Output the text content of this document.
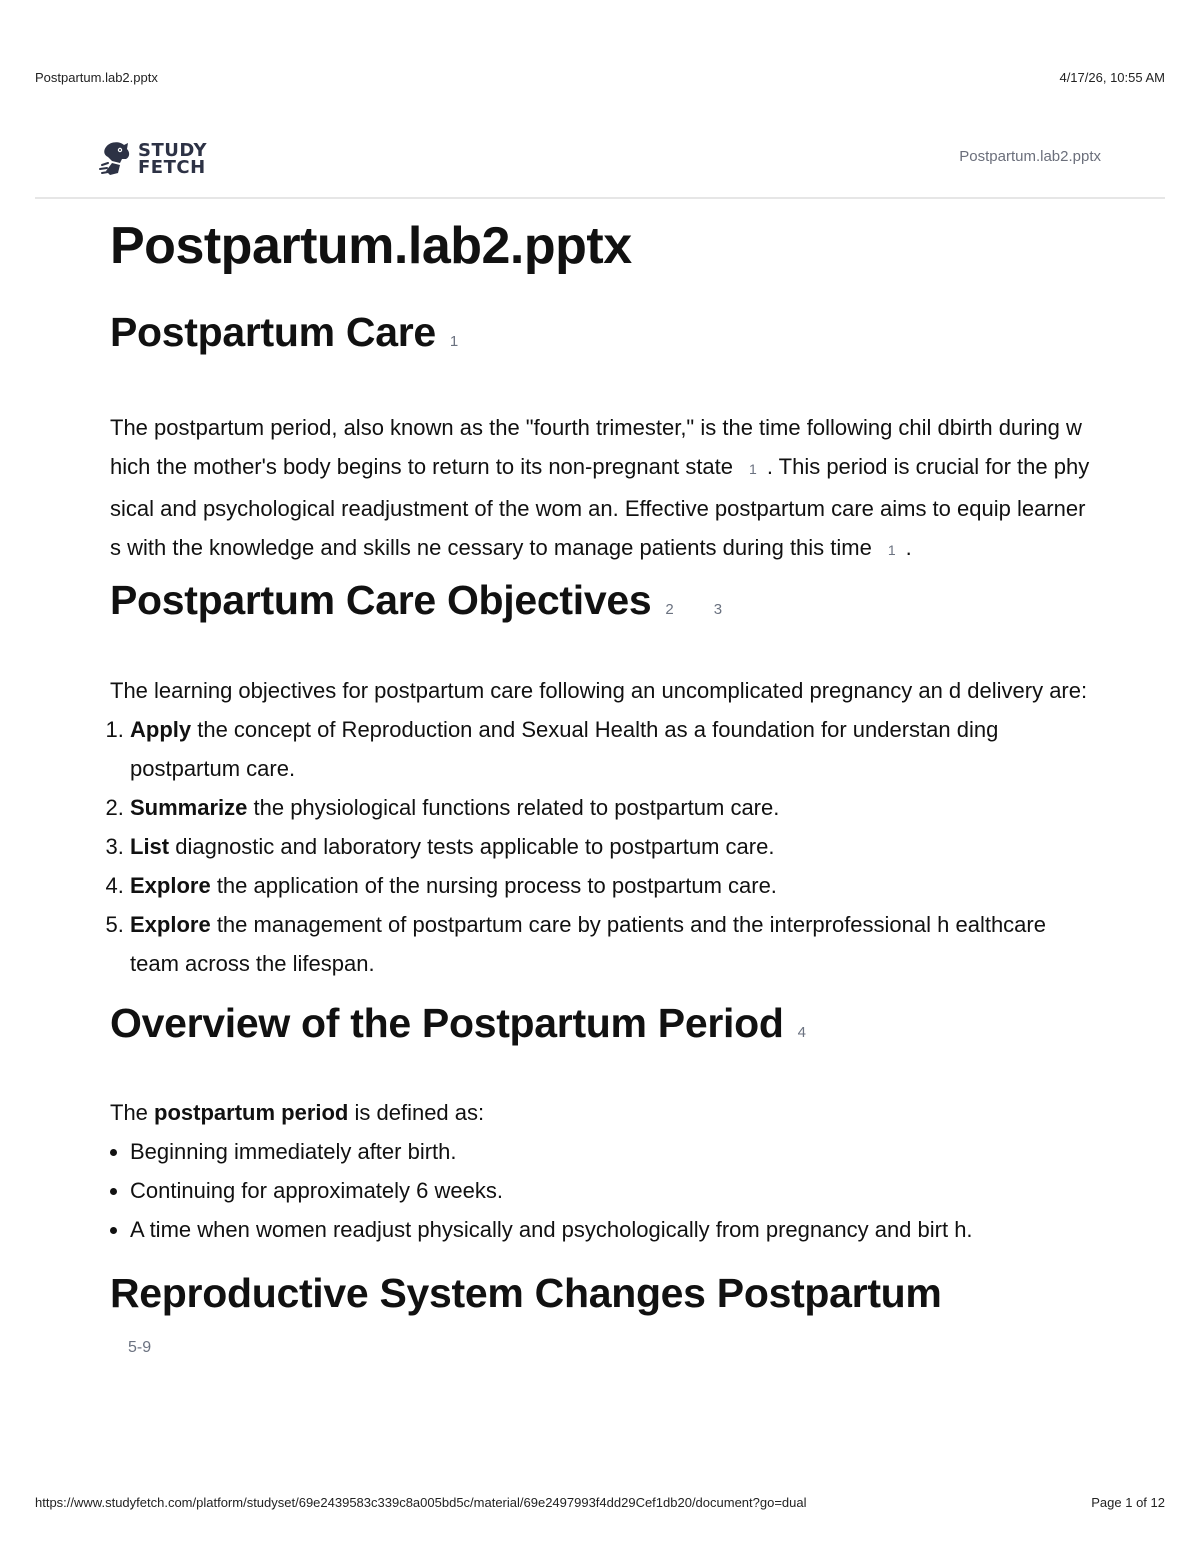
Postpartum.lab2.pptx	4/17/26, 10:55 AM
STUDY
FETCH
Postpartum.lab2.pptx
Postpartum.lab2.pptx
Postpartum Care 1

The postpartum period, also known as the "fourth trimester," is the time following chil dbirth during which the mother's body begins to return to its non-pregnant state 1 . This period is crucial for the physical and psychological readjustment of the wom an. Effective postpartum care aims to equip learners with the knowledge and skills ne cessary to manage patients during this time 1 .

Postpartum Care Objectives 2	3

The learning objectives for postpartum care following an uncomplicated pregnancy an d delivery are:

1. Apply the concept of Reproduction and Sexual Health as a foundation for understan ding postpartum care.
2. Summarize the physiological functions related to postpartum care.
3. List diagnostic and laboratory tests applicable to postpartum care.
4. Explore the application of the nursing process to postpartum care.
5. Explore the management of postpartum care by patients and the interprofessional h ealthcare team across the lifespan.
Overview of the Postpartum Period 4

The postpartum period is defined as:

• Beginning immediately after birth.
• Continuing for approximately 6 weeks.
• A time when women readjust physically and psychologically from pregnancy and birt h.
Reproductive System Changes Postpartum
5-9
https://www.studyfetch.com/platform/studyset/69e2439583c339c8a005bd5c/material/69e2497993f4dd29Cef1db20/document?go=dual	Page 1 of 12
